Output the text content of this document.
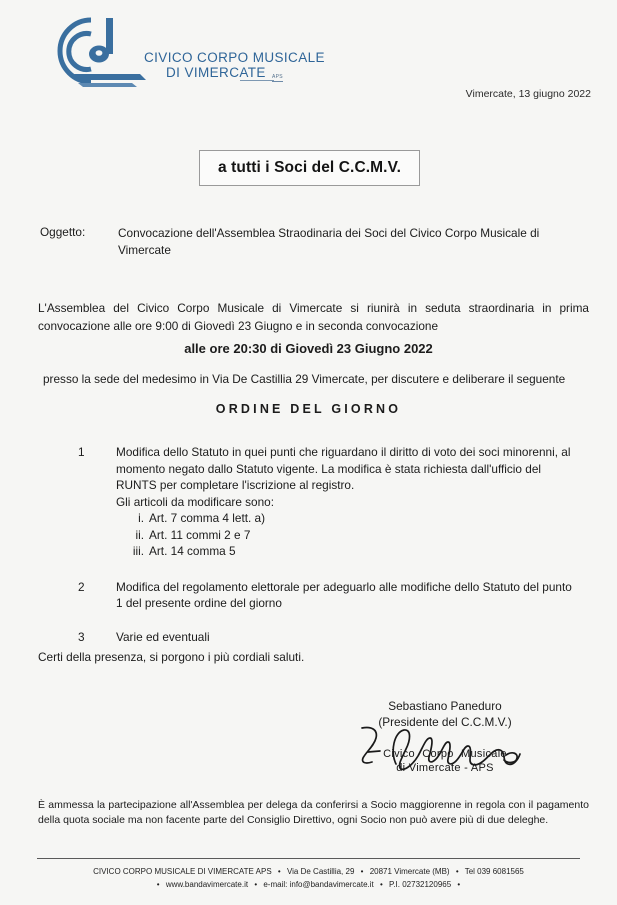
CIVICO CORPO MUSICALE
DI VIMERCATE APS
Vimercate, 13 giugno 2022
a tutti i Soci del C.C.M.V.
Oggetto:	Convocazione dell'Assemblea Straodinaria dei Soci del Civico Corpo Musicale di Vimercate
L'Assemblea del Civico Corpo Musicale di Vimercate si riunirà in seduta straordinaria in prima convocazione alle ore 9:00 di Giovedì 23 Giugno e in seconda convocazione
alle ore 20:30 di Giovedì 23 Giugno 2022
presso la sede del medesimo in Via De Castillia 29 Vimercate, per discutere e deliberare il seguente
ORDINE DEL GIORNO
1	Modifica dello Statuto in quei punti che riguardano il diritto di voto dei soci minorenni, al momento negato dallo Statuto vigente. La modifica è stata richiesta dall'ufficio del RUNTS per completare l'iscrizione al registro.
Gli articoli da modificare sono:
i. Art. 7 comma 4 lett. a)
ii. Art. 11 commi 2 e 7
iii. Art. 14 comma 5
2	Modifica del regolamento elettorale per adeguarlo alle modifiche dello Statuto del punto 1 del presente ordine del giorno
3	Varie ed eventuali
Certi della presenza, si porgono i più cordiali saluti.
Sebastiano Paneduro
(Presidente del C.C.M.V.)
Civico Corpo Musicale
di Vimercate - APS
È ammessa la partecipazione all'Assemblea per delega da conferirsi a Socio maggiorenne in regola con il pagamento della quota sociale ma non facente parte del Consiglio Direttivo, ogni Socio non può avere più di due deleghe.
CIVICO CORPO MUSICALE DI VIMERCATE APS • Via De Castillia, 29 • 20871 Vimercate (MB) • Tel 039 6081565
• www.bandavimercate.it • e-mail: info@bandavimercate.it • P.I. 02732120965 •
